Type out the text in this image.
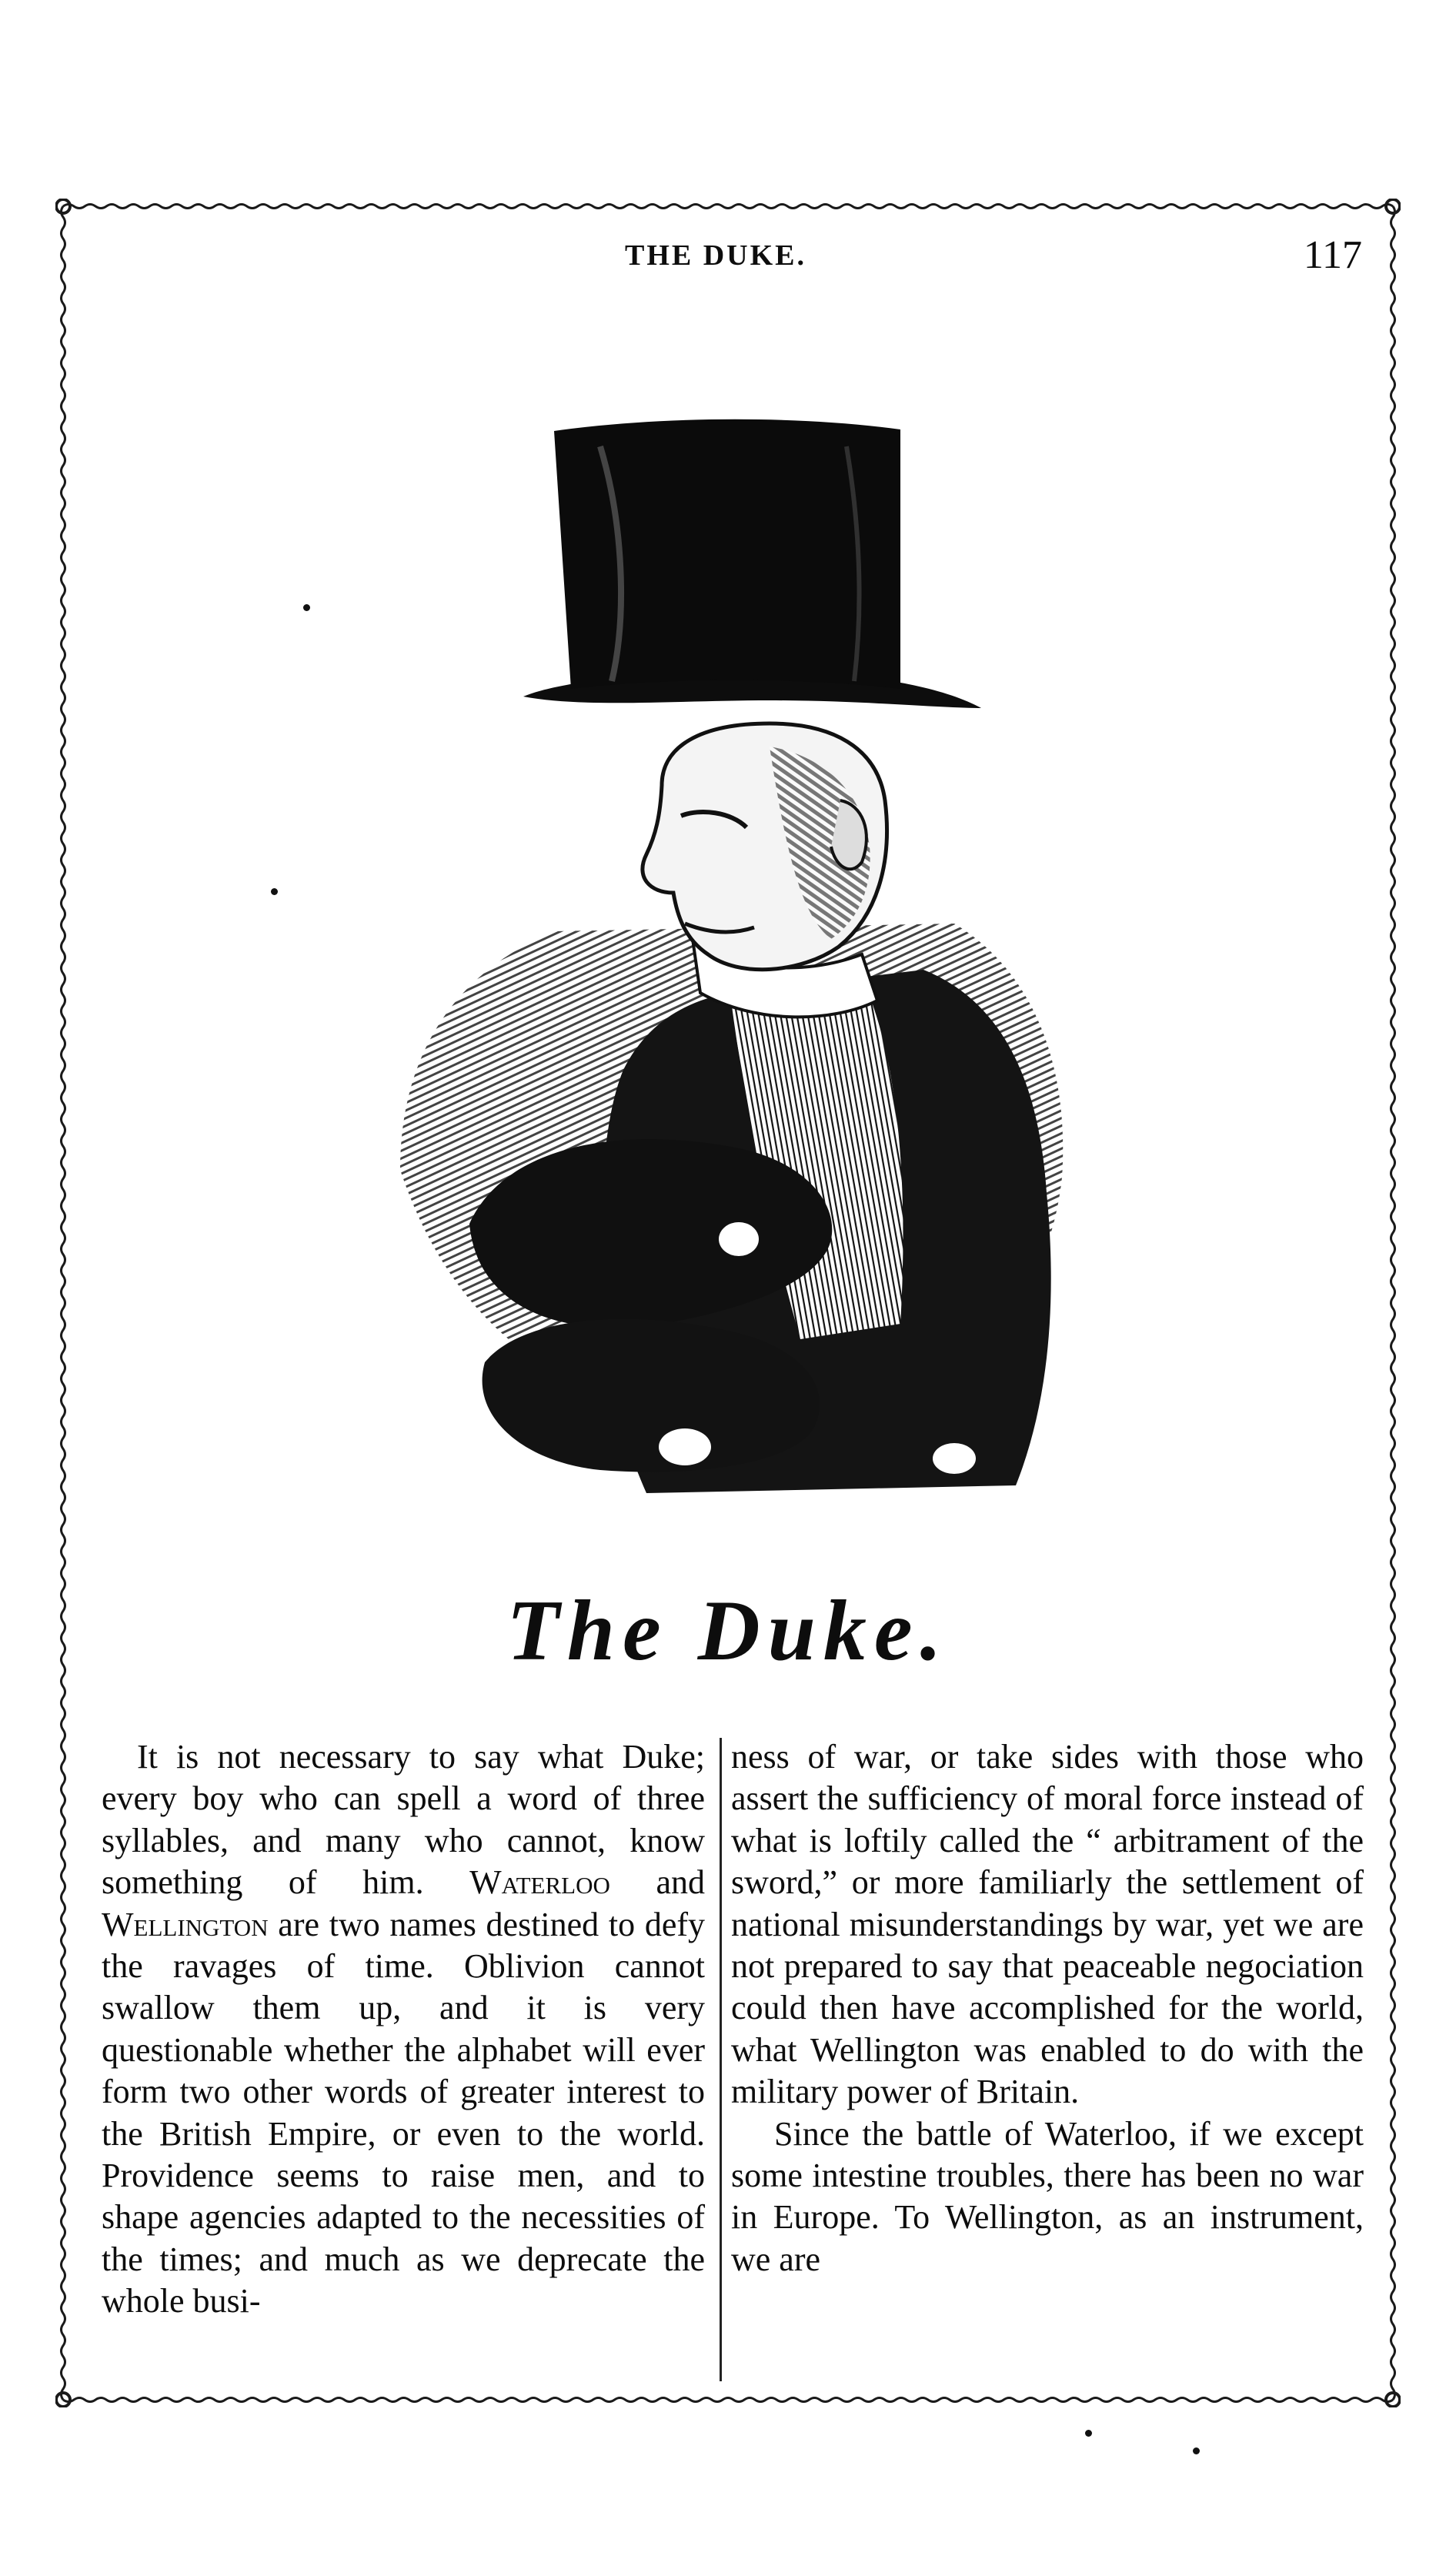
THE DUKE.	117
The Duke.

It is not necessary to say what Duke; every boy who can spell a word of three syllables, and many who cannot, know something of him. Waterloo and Wellington are two names destined to defy the ravages of time. Oblivion cannot swallow them up, and it is very questionable whether the alphabet will ever form two other words of greater interest to the British Empire, or even to the world. Providence seems to raise men, and to shape agencies adapted to the necessities of the times; and much as we deprecate the whole busi-

ness of war, or take sides with those who assert the sufficiency of moral force instead of what is loftily called the “ arbitrament of the sword,” or more familiarly the settlement of national misunderstandings by war, yet we are not prepared to say that peaceable negociation could then have accomplished for the world, what Wellington was enabled to do with the military power of Britain.

Since the battle of Waterloo, if we except some intestine troubles, there has been no war in Europe. To Wellington, as an instrument, we are
